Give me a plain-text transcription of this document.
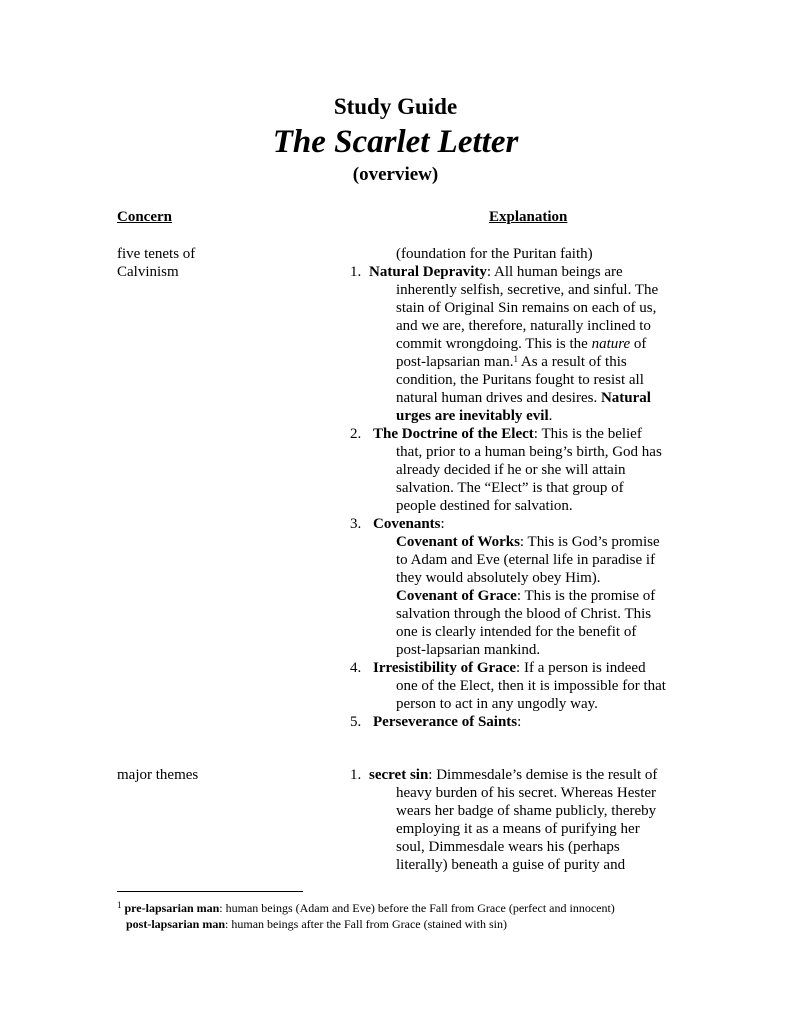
Study Guide
The Scarlet Letter
(overview)
Concern	Explanation
five tenets of
Calvinism
(foundation for the Puritan faith)
1. Natural Depravity: All human beings are
inherently selfish, secretive, and sinful. The
stain of Original Sin remains on each of us,
and we are, therefore, naturally inclined to
commit wrongdoing. This is the nature of
post-lapsarian man.$^1$ As a result of this
condition, the Puritans fought to resist all
natural human drives and desires. Natural
urges are inevitably evil.
2. The Doctrine of the Elect: This is the belief
that, prior to a human being’s birth, God has
already decided if he or she will attain
salvation. The “Elect” is that group of
people destined for salvation.
3. Covenants:
Covenant of Works: This is God’s promise
to Adam and Eve (eternal life in paradise if
they would absolutely obey Him).
Covenant of Grace: This is the promise of
salvation through the blood of Christ. This
one is clearly intended for the benefit of
post-lapsarian mankind.
4. Irresistibility of Grace: If a person is indeed
one of the Elect, then it is impossible for that
person to act in any ungodly way.
5. Perseverance of Saints:
major themes	1. secret sin: Dimmesdale’s demise is the result of
heavy burden of his secret. Whereas Hester
wears her badge of shame publicly, thereby
employing it as a means of purifying her
soul, Dimmesdale wears his (perhaps
literally) beneath a guise of purity and
$^1$ pre-lapsarian man: human beings (Adam and Eve) before the Fall from Grace (perfect and innocent)
post-lapsarian man: human beings after the Fall from Grace (stained with sin)
